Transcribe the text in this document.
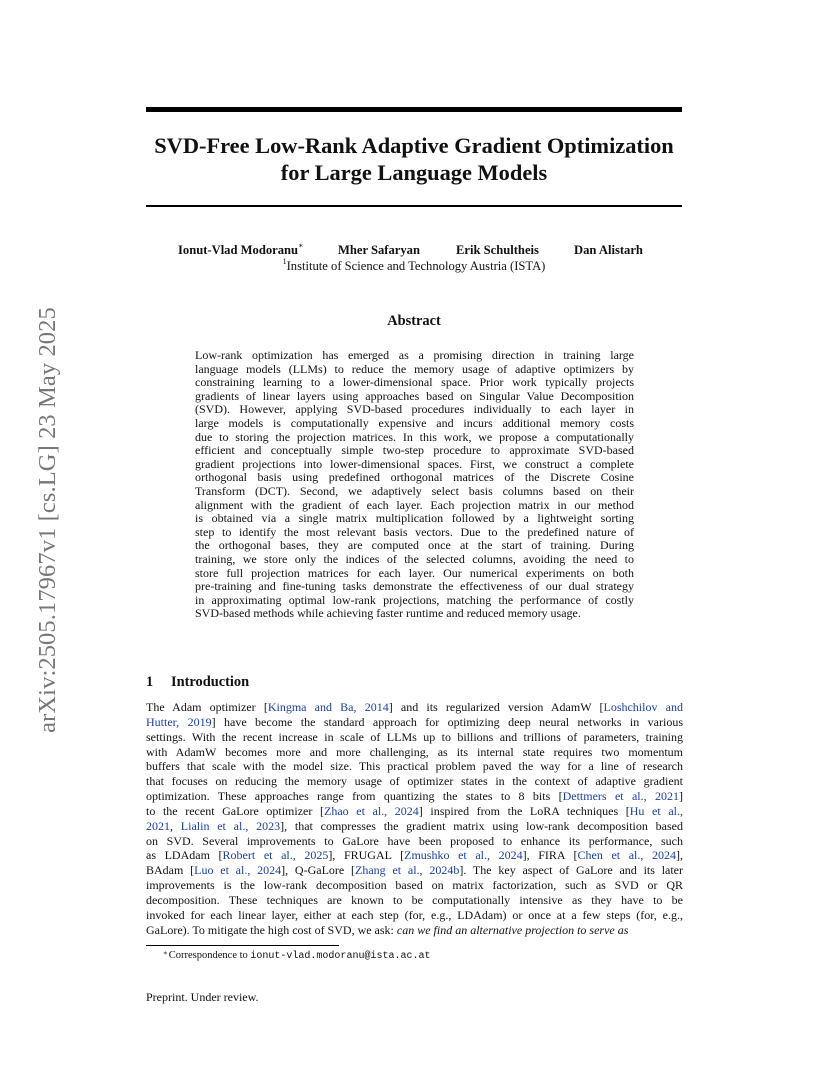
SVD-Free Low-Rank Adaptive Gradient Optimization
for Large Language Models
Ionut-Vlad Modoranu∗	Mher Safaryan	Erik Schultheis	Dan Alistarh
$^1$Institute of Science and Technology Austria (ISTA)
arXiv:2505.17967v1 [cs.LG] 23 May 2025	Abstract
Low-rank optimization has emerged as a promising direction in training large
language models (LLMs) to reduce the memory usage of adaptive optimizers by
constraining learning to a lower-dimensional space. Prior work typically projects
gradients of linear layers using approaches based on Singular Value Decomposition
(SVD). However, applying SVD-based procedures individually to each layer in
large models is computationally expensive and incurs additional memory costs
due to storing the projection matrices. In this work, we propose a computationally
efficient and conceptually simple two-step procedure to approximate SVD-based
gradient projections into lower-dimensional spaces. First, we construct a complete
orthogonal basis using predefined orthogonal matrices of the Discrete Cosine
Transform (DCT). Second, we adaptively select basis columns based on their
alignment with the gradient of each layer. Each projection matrix in our method
is obtained via a single matrix multiplication followed by a lightweight sorting
step to identify the most relevant basis vectors. Due to the predefined nature of
the orthogonal bases, they are computed once at the start of training. During
training, we store only the indices of the selected columns, avoiding the need to
store full projection matrices for each layer. Our numerical experiments on both
pre-training and fine-tuning tasks demonstrate the effectiveness of our dual strategy
in approximating optimal low-rank projections, matching the performance of costly
SVD-based methods while achieving faster runtime and reduced memory usage.
1 Introduction
The Adam optimizer [Kingma and Ba, 2014] and its regularized version AdamW [Loshchilov and
Hutter, 2019] have become the standard approach for optimizing deep neural networks in various
settings. With the recent increase in scale of LLMs up to billions and trillions of parameters, training
with AdamW becomes more and more challenging, as its internal state requires two momentum
buffers that scale with the model size. This practical problem paved the way for a line of research
that focuses on reducing the memory usage of optimizer states in the context of adaptive gradient
optimization. These approaches range from quantizing the states to 8 bits [Dettmers et al., 2021]
to the recent GaLore optimizer [Zhao et al., 2024] inspired from the LoRA techniques [Hu et al.,
2021, Lialin et al., 2023], that compresses the gradient matrix using low-rank decomposition based
on SVD. Several improvements to GaLore have been proposed to enhance its performance, such
as LDAdam [Robert et al., 2025], FRUGAL [Zmushko et al., 2024], FIRA [Chen et al., 2024],
BAdam [Luo et al., 2024], Q-GaLore [Zhang et al., 2024b]. The key aspect of GaLore and its later
improvements is the low-rank decomposition based on matrix factorization, such as SVD or QR
decomposition. These techniques are known to be computationally intensive as they have to be
invoked for each linear layer, either at each step (for, e.g., LDAdam) or once at a few steps (for, e.g.,
GaLore). To mitigate the high cost of SVD, we ask: can we find an alternative projection to serve as
∗Correspondence to ionut-vlad.modoranu@ista.ac.at
Preprint. Under review.
